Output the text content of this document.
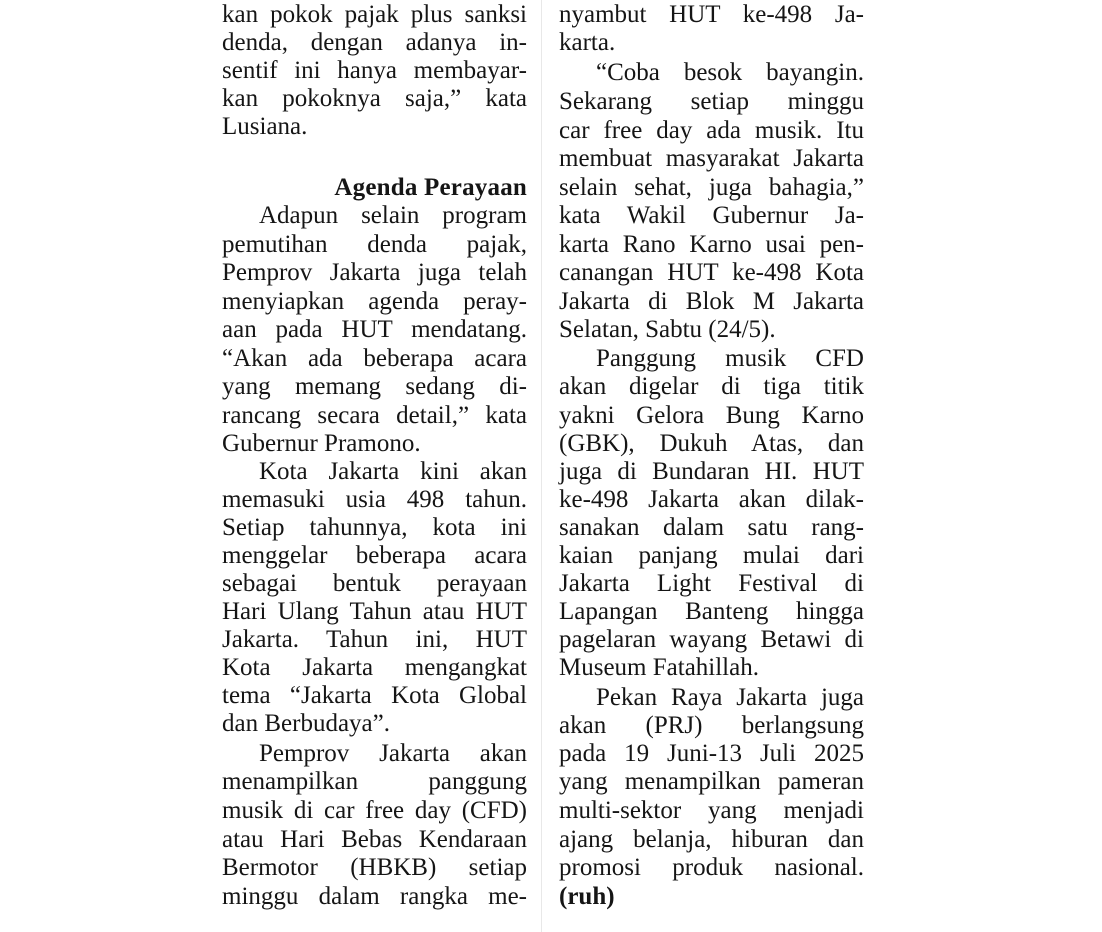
kan pokok pajak plus sanksi
denda, dengan adanya in-
sentif ini hanya membayar-
kan pokoknya saja,” kata
Lusiana.
Agenda Perayaan
Adapun selain program
pemutihan denda pajak,
Pemprov Jakarta juga telah
menyiapkan agenda peray-
aan pada HUT mendatang.
“Akan ada beberapa acara
yang memang sedang di-
rancang secara detail,” kata
Gubernur Pramono.
Kota Jakarta kini akan
memasuki usia 498 tahun.
Setiap tahunnya, kota ini
menggelar beberapa acara
sebagai bentuk perayaan
Hari Ulang Tahun atau HUT
Jakarta. Tahun ini, HUT
Kota Jakarta mengangkat
tema “Jakarta Kota Global
dan Berbudaya”.
Pemprov Jakarta akan
menampilkan panggung
musik di car free day (CFD)
atau Hari Bebas Kendaraan
Bermotor (HBKB) setiap
minggu dalam rangka me-
nyambut HUT ke-498 Ja-
karta.
“Coba besok bayangin.
Sekarang setiap minggu
car free day ada musik. Itu
membuat masyarakat Jakarta
selain sehat, juga bahagia,”
kata Wakil Gubernur Ja-
karta Rano Karno usai pen-
canangan HUT ke-498 Kota
Jakarta di Blok M Jakarta
Selatan, Sabtu (24/5).
Panggung musik CFD
akan digelar di tiga titik
yakni Gelora Bung Karno
(GBK), Dukuh Atas, dan
juga di Bundaran HI. HUT
ke-498 Jakarta akan dilak-
sanakan dalam satu rang-
kaian panjang mulai dari
Jakarta Light Festival di
Lapangan Banteng hingga
pagelaran wayang Betawi di
Museum Fatahillah.
Pekan Raya Jakarta juga
akan (PRJ) berlangsung
pada 19 Juni-13 Juli 2025
yang menampilkan pameran
multi-sektor yang menjadi
ajang belanja, hiburan dan
promosi produk nasional.
(ruh)
